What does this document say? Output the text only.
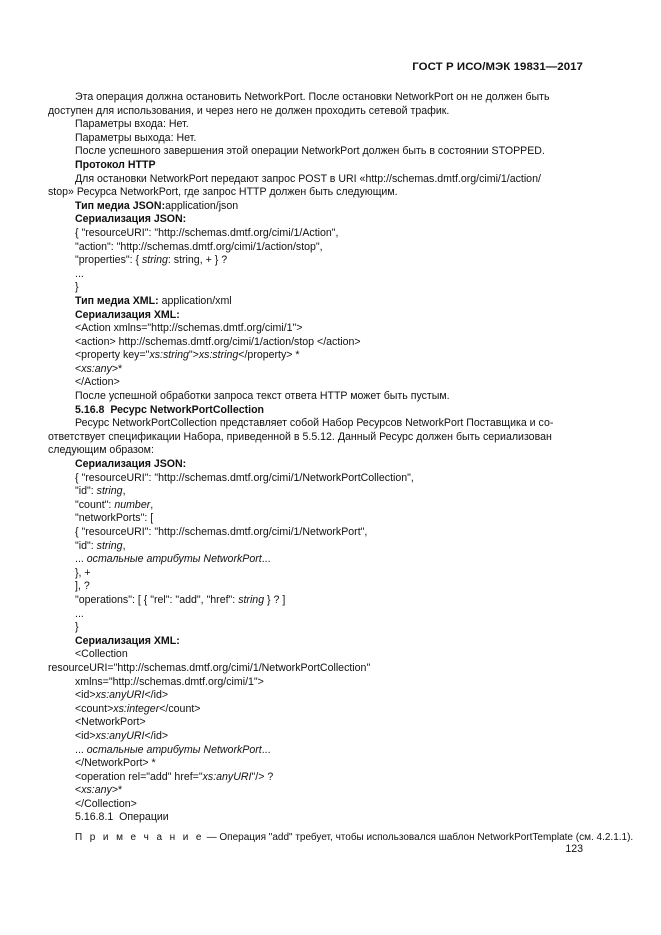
ГОСТ Р ИСО/МЭК 19831—2017

Эта операция должна остановить NetworkPort. После остановки NetworkPort он не должен быть

доступен для использования, и через него не должен проходить сетевой трафик.

Параметры входа: Нет.

Параметры выхода: Нет.

После успешного завершения этой операции NetworkPort должен быть в состоянии STOPPED.

Протокол HTTP

Для остановки NetworkPort передают запрос POST в URI «http://schemas.dmtf.org/cimi/1/action/

stop» Ресурса NetworkPort, где запрос HTTP должен быть следующим.

Тип медиа JSON:application/json

Сериализация JSON:

{ "resourceURI": "http://schemas.dmtf.org/cimi/1/Action",

"action": "http://schemas.dmtf.org/cimi/1/action/stop",

"properties": { string: string, + } ?

...

}

Тип медиа XML: application/xml

Сериализация XML:

<Action xmlns="http://schemas.dmtf.org/cimi/1">

<action> http://schemas.dmtf.org/cimi/1/action/stop </action>

<property key="xs:string">xs:string</property> *

<xs:any>*

</Action>

После успешной обработки запроса текст ответа HTTP может быть пустым.

5.16.8  Ресурс NetworkPortCollection

Ресурс NetworkPortCollection представляет собой Набор Ресурсов NetworkPort Поставщика и со-

ответствует спецификации Набора, приведенной в 5.5.12. Данный Ресурс должен быть сериализован

следующим образом:

Сериализация JSON:

{ "resourceURI": "http://schemas.dmtf.org/cimi/1/NetworkPortCollection",

"id": string,

"count": number,

"networkPorts": [

{ "resourceURI": "http://schemas.dmtf.org/cimi/1/NetworkPort",

"id": string,

... остальные атрибуты NetworkPort...

}, +

], ?

"operations": [ { "rel": "add", "href": string } ? ]

...

}

Сериализация XML:

<Collection

resourceURI="http://schemas.dmtf.org/cimi/1/NetworkPortCollection"

xmlns="http://schemas.dmtf.org/cimi/1">

<id>xs:anyURI</id>

<count>xs:integer</count>

<NetworkPort>

<id>xs:anyURI</id>

... остальные атрибуты NetworkPort...

</NetworkPort> *

<operation rel="add" href="xs:anyURI"/> ?

<xs:any>*

</Collection>

5.16.8.1  Операции

П р и м е ч а н и е — Операция "add" требует, чтобы использовался шаблон NetworkPortTemplate (см. 4.2.1.1).

123
